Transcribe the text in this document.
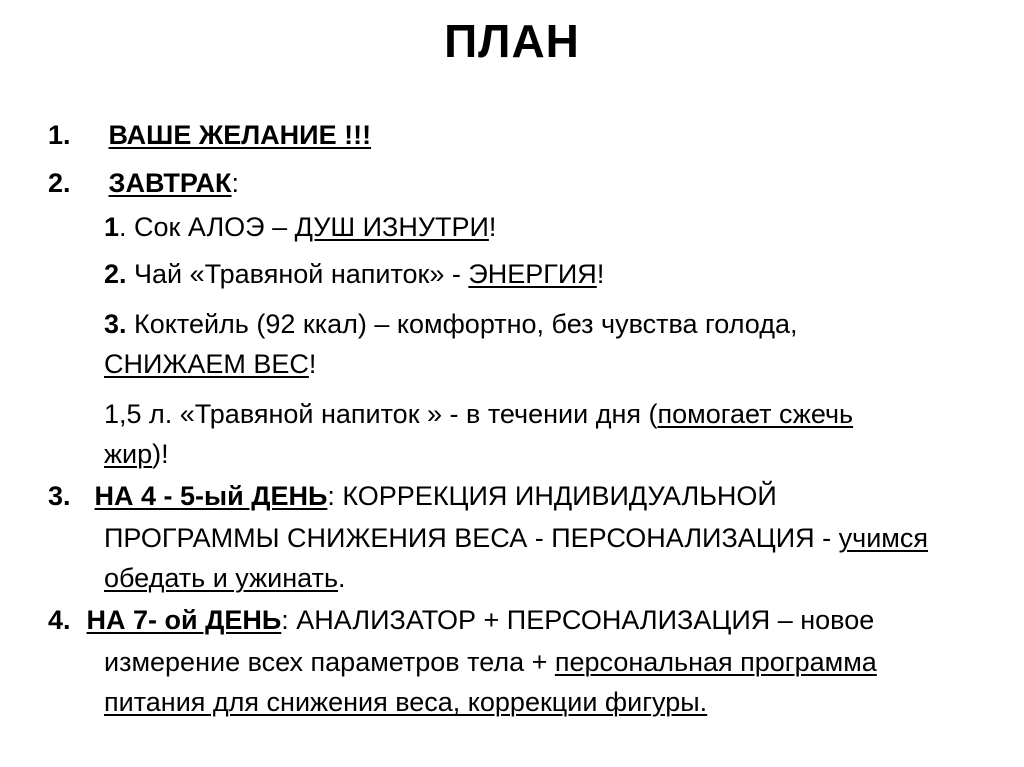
ПЛАН
1. ВАШЕ ЖЕЛАНИЕ !!!
2. ЗАВТРАК:
1. Сок АЛОЭ – ДУШ ИЗНУТРИ!
2. Чай «Травяной напиток» - ЭНЕРГИЯ!
3. Коктейль (92 ккал) – комфортно, без чувства голода,
СНИЖАЕМ ВЕС!
1,5 л. «Травяной напиток » - в течении дня (помогает сжечь
жир)!
3. НА 4 - 5-ый ДЕНЬ: КОРРЕКЦИЯ ИНДИВИДУАЛЬНОЙ
ПРОГРАММЫ СНИЖЕНИЯ ВЕСА - ПЕРСОНАЛИЗАЦИЯ - учимся
обедать и ужинать.
4. НА 7- ой ДЕНЬ: АНАЛИЗАТОР + ПЕРСОНАЛИЗАЦИЯ – новое
измерение всех параметров тела + персональная программа
питания для снижения веса, коррекции фигуры.
